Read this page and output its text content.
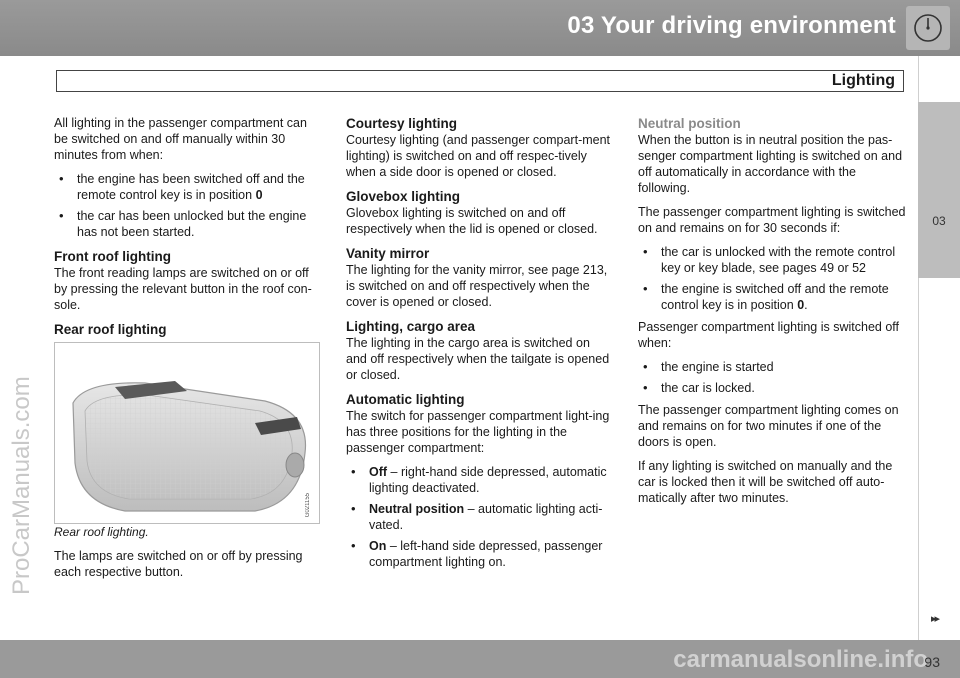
03 Your driving environment
Lighting
03
ProCarManuals.com

All lighting in the passenger compartment can be switched on and off manually within 30 minutes from when:

• the engine has been switched off and the remote control key is in position 0
• the car has been unlocked but the engine has not been started.
Front roof lighting

The front reading lamps are switched on or off by pressing the relevant button in the roof con-sole.

Rear roof lighting
G021155

Rear roof lighting.

The lamps are switched on or off by pressing each respective button.

Courtesy lighting

Courtesy lighting (and passenger compart-ment lighting) is switched on and off respec-tively when a side door is opened or closed.

Glovebox lighting

Glovebox lighting is switched on and off respectively when the lid is opened or closed.

Vanity mirror

The lighting for the vanity mirror, see page 213, is switched on and off respectively when the cover is opened or closed.

Lighting, cargo area

The lighting in the cargo area is switched on and off respectively when the tailgate is opened or closed.

Automatic lighting

The switch for passenger compartment light-ing has three positions for the lighting in the passenger compartment:

• Off – right-hand side depressed, automatic lighting deactivated.
• Neutral position – automatic lighting acti-vated.
• On – left-hand side depressed, passenger compartment lighting on.
Neutral position

When the button is in neutral position the pas-senger compartment lighting is switched on and off automatically in accordance with the following.

The passenger compartment lighting is switched on and remains on for 30 seconds if:

• the car is unlocked with the remote control key or key blade, see pages 49 or 52
• the engine is switched off and the remote control key is in position 0.

Passenger compartment lighting is switched off when:

• the engine is started
• the car is locked.

The passenger compartment lighting comes on and remains on for two minutes if one of the doors is open.

If any lighting is switched on manually and the car is locked then it will be switched off auto-matically after two minutes.

▸▸
carmanualsonline.info
93
